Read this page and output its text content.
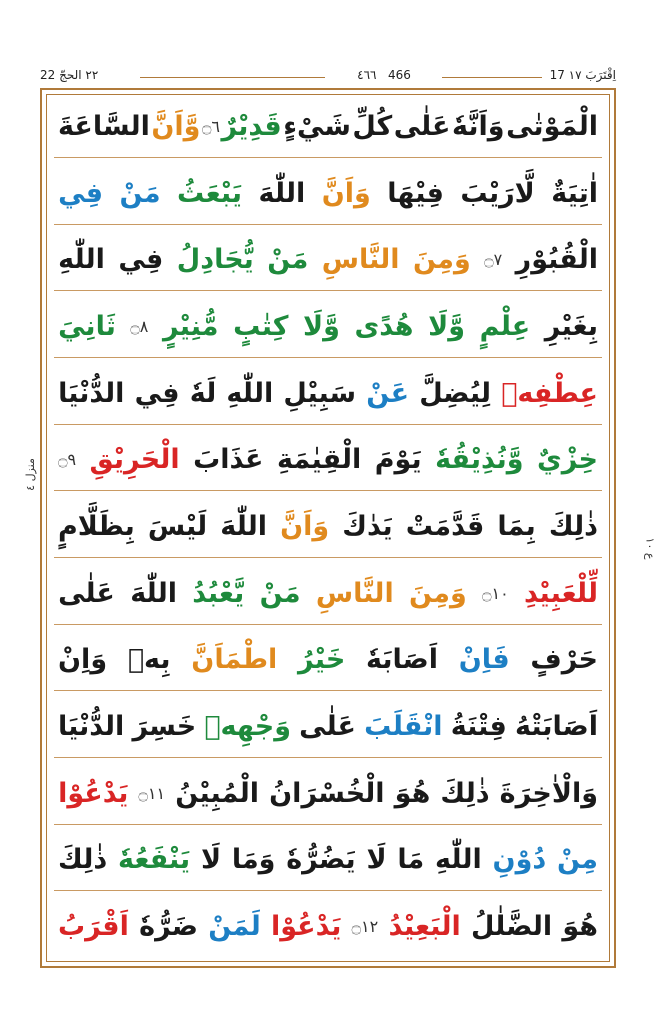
٢٢ الحجّ 22	٤٦٦ 466	17 اِقْتَرَبَ ١٧
الْمَوْتٰى
وَاَنَّهٗ
عَلٰى
كُلِّ
شَيْءٍ
قَدِيْرٌ
۝٦
وَّاَنَّ
السَّاعَةَ
اٰتِيَةٌ
لَّارَيْبَ
فِيْهَا
وَاَنَّ
اللّٰهَ
يَبْعَثُ
مَنْ
فِي
الْقُبُوْرِ
۝٧
وَمِنَ
النَّاسِ
مَنْ
يُّجَادِلُ
فِي
اللّٰهِ
بِغَيْرِ
عِلْمٍ
وَّلَا
هُدًى
وَّلَا
كِتٰبٍ
مُّنِيْرٍ
۝٨
ثَانِيَ
عِطْفِهٖ
لِيُضِلَّ
عَنْ
سَبِيْلِ
اللّٰهِ
لَهٗ
فِي
الدُّنْيَا
خِزْيٌ
وَّنُذِيْقُهٗ
يَوْمَ
الْقِيٰمَةِ
عَذَابَ
الْحَرِيْقِ
۝٩
ذٰلِكَ
بِمَا
قَدَّمَتْ
يَدٰكَ
وَاَنَّ
اللّٰهَ
لَيْسَ
بِظَلَّامٍ
لِّلْعَبِيْدِ
۝١٠
وَمِنَ
النَّاسِ
مَنْ
يَّعْبُدُ
اللّٰهَ
عَلٰى
حَرْفٍ
فَاِنْ
اَصَابَهٗ
خَيْرُ
اطْمَاَنَّ
بِهٖ
وَاِنْ
اَصَابَتْهُ
فِتْنَةُ
انْقَلَبَ
عَلٰى
وَجْهِهٖ
خَسِرَ
الدُّنْيَا
وَالْاٰخِرَةَ
ذٰلِكَ
هُوَ
الْخُسْرَانُ
الْمُبِيْنُ
۝١١
يَدْعُوْا
مِنْ
دُوْنِ
اللّٰهِ
مَا
لَا
يَضُرُّهٗ
وَمَا
لَا
يَنْفَعُهٗ
ذٰلِكَ
هُوَ
الضَّلٰلُ
الْبَعِيْدُ
۝١٢
يَدْعُوْا
لَمَنْ
ضَرُّهٗ
اَقْرَبُ
منزل ٤
ع ١٠
